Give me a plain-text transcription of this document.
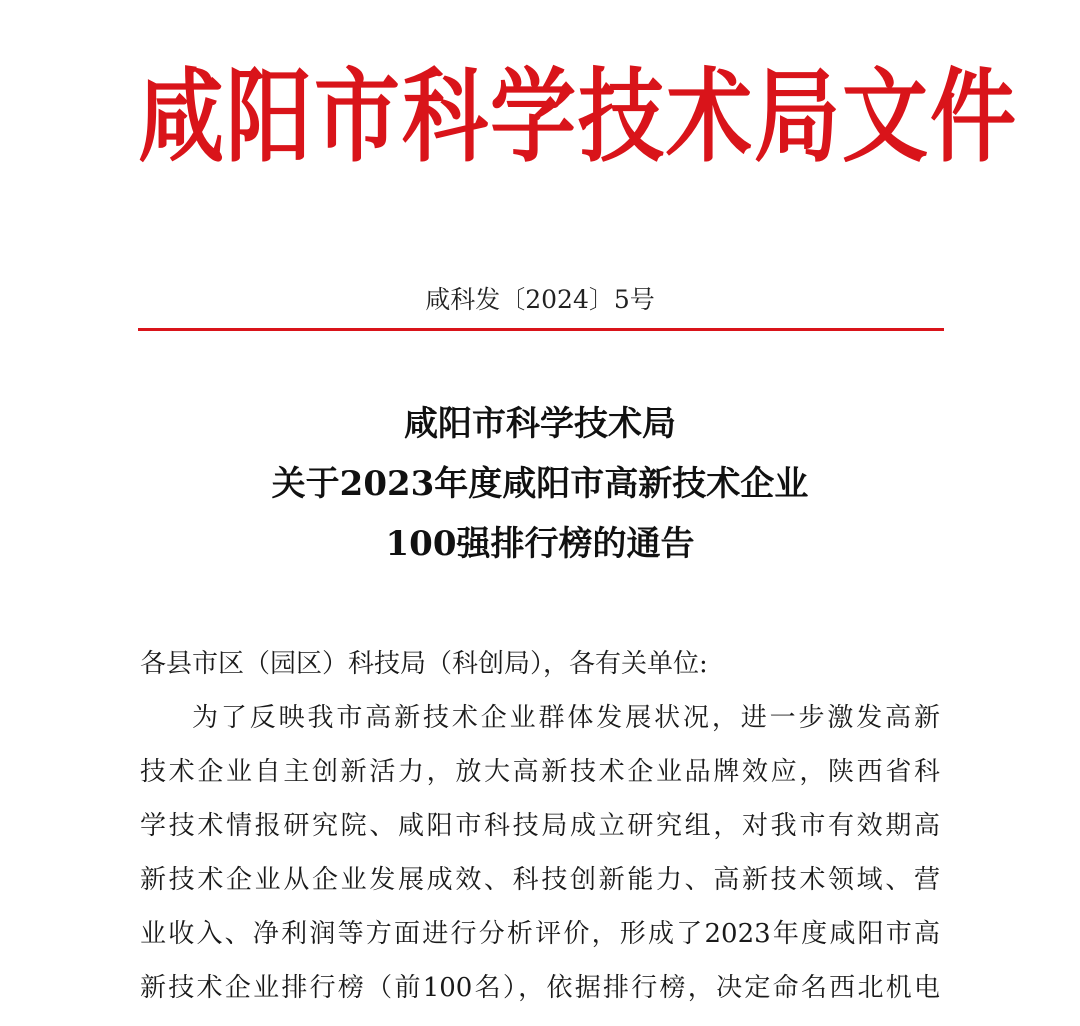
咸阳市科学技术局文件
咸科发〔2024〕5号
咸阳市科学技术局
关于2023年度咸阳市高新技术企业
100强排行榜的通告
各县市区（园区）科技局（科创局），各有关单位:
为了反映我市高新技术企业群体发展状况，进一步激发高新
技术企业自主创新活力，放大高新技术企业品牌效应，陕西省科
学技术情报研究院、咸阳市科技局成立研究组，对我市有效期高
新技术企业从企业发展成效、科技创新能力、高新技术领域、营
业收入、净利润等方面进行分析评价，形成了2023年度咸阳市高
新技术企业排行榜（前100名），依据排行榜，决定命名西北机电
